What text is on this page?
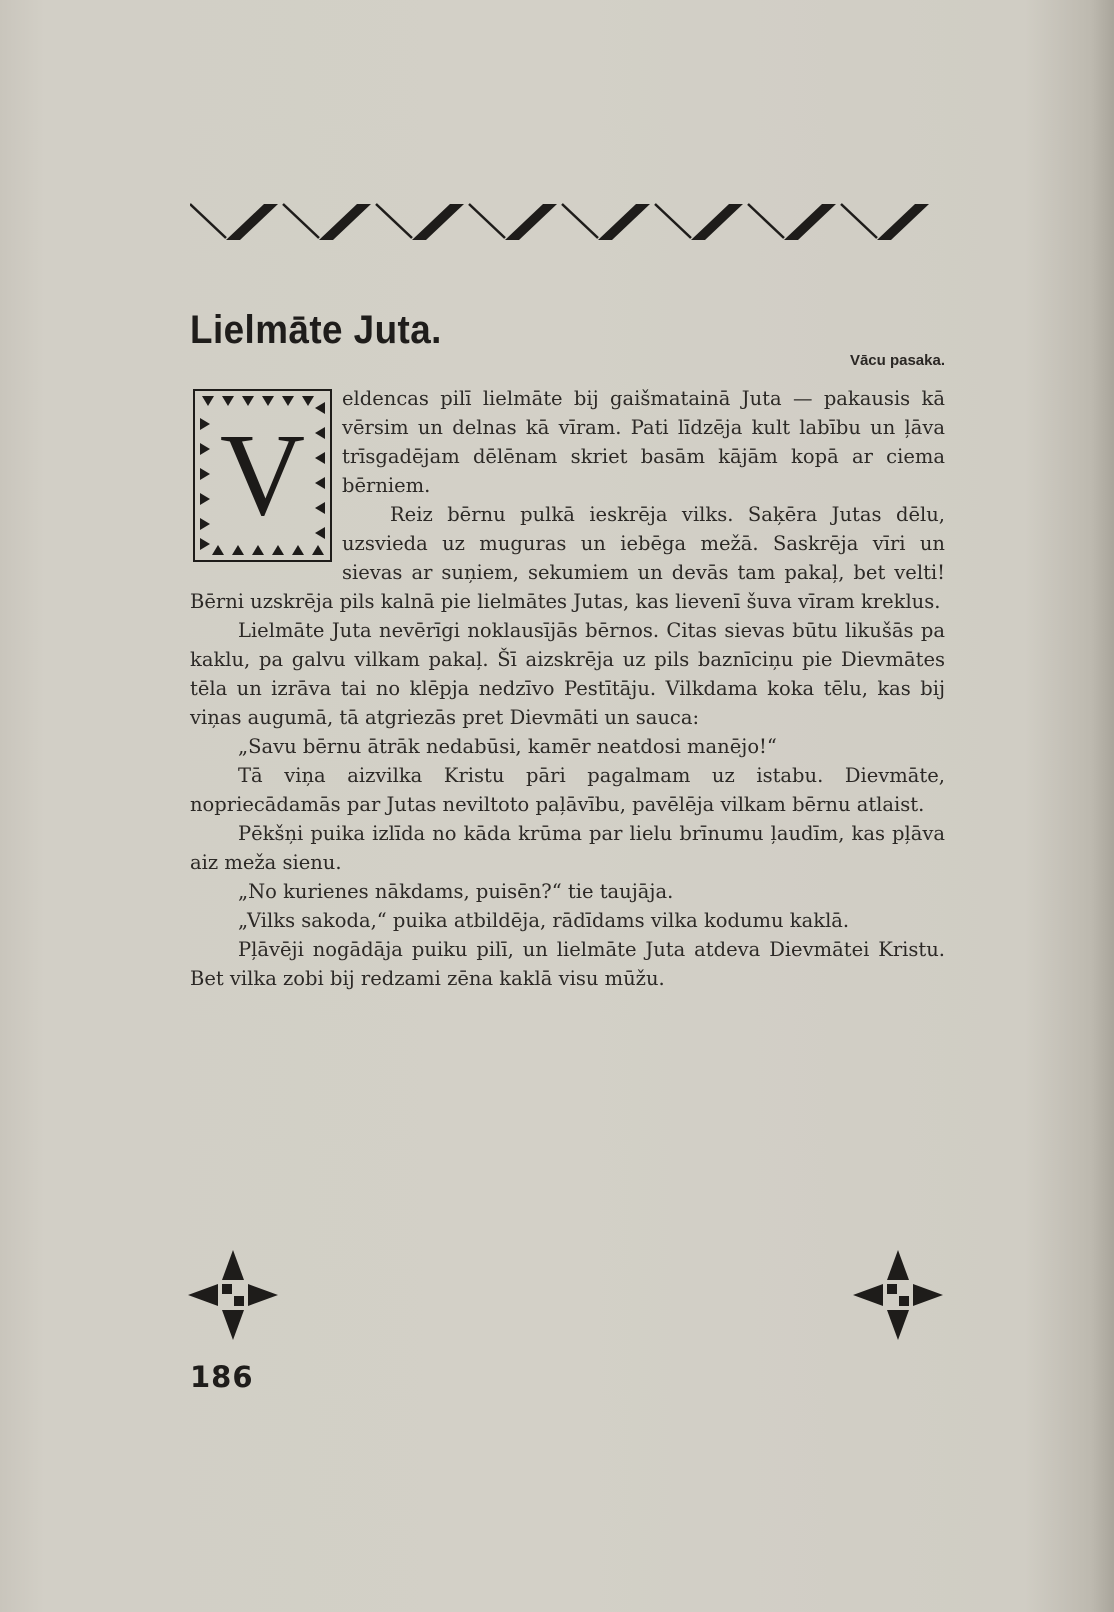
Lielmāte Juta.
Vācu pasaka.
V

eldencas pilī lielmāte bij gaišmatainā Juta — pakausis kā vērsim un delnas kā vīram. Pati līdzēja kult labību un ļāva trīsgadējam dēlēnam skriet basām kājām kopā ar ciema bērniem.

Reiz bērnu pulkā ieskrēja vilks. Saķēra Jutas dēlu, uzsvieda uz muguras un iebēga mežā. Saskrēja vīri un sievas ar suņiem, sekumiem un devās tam pakaļ, bet velti! Bērni uzskrēja pils kalnā pie lielmātes Jutas, kas lievenī šuva vīram kreklus.

Lielmāte Juta nevērīgi noklausījās bērnos. Citas sievas būtu likušās pa kaklu, pa galvu vilkam pakaļ. Šī aizskrēja uz pils baznīciņu pie Dievmātes tēla un izrāva tai no klēpja nedzīvo Pestītāju. Vilkdama koka tēlu, kas bij viņas augumā, tā atgriezās pret Dievmāti un sauca:

„Savu bērnu ātrāk nedabūsi, kamēr neatdosi manējo!“

Tā viņa aizvilka Kristu pāri pagalmam uz istabu. Dievmāte, nopriecādamās par Jutas neviltoto paļāvību, pavēlēja vilkam bērnu atlaist.

Pēkšņi puika izlīda no kāda krūma par lielu brīnumu ļaudīm, kas pļāva aiz meža sienu.

„No kurienes nākdams, puisēn?“ tie taujāja.

„Vilks sakoda,“ puika atbildēja, rādīdams vilka kodumu kaklā.

Pļāvēji nogādāja puiku pilī, un lielmāte Juta atdeva Dievmātei Kristu. Bet vilka zobi bij redzami zēna kaklā visu mūžu.

186
